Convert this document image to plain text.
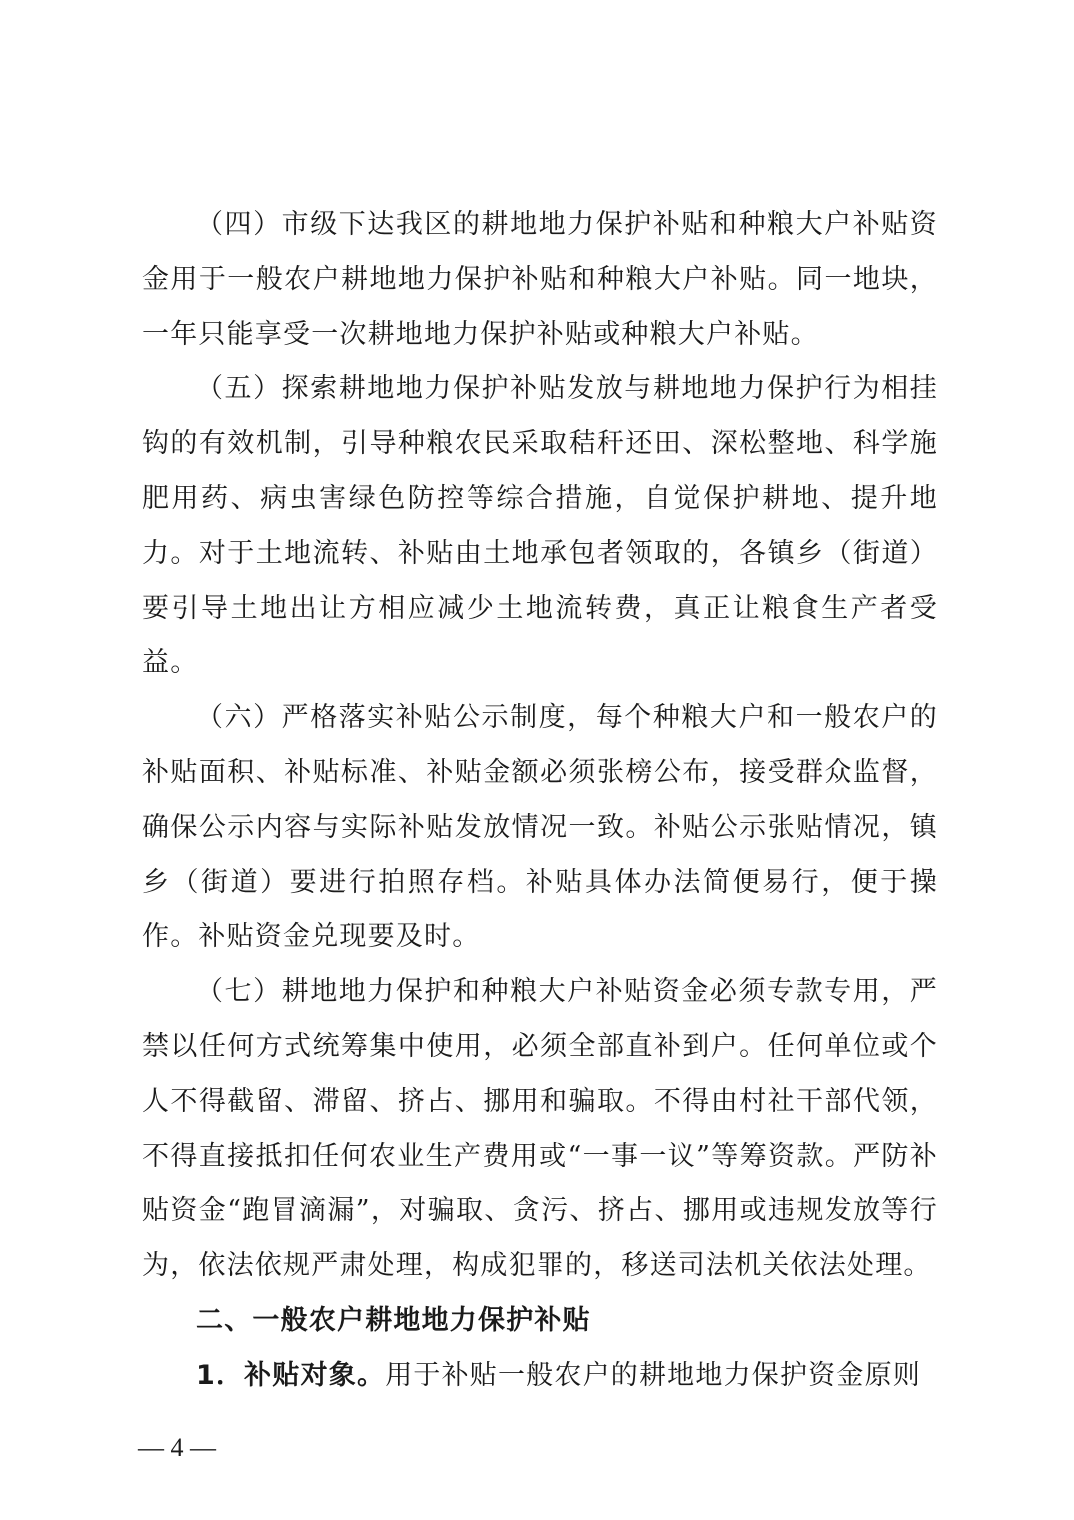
（四）市级下达我区的耕地地力保护补贴和种粮大户补贴资金用于一般农户耕地地力保护补贴和种粮大户补贴。同一地块，一年只能享受一次耕地地力保护补贴或种粮大户补贴。

（五）探索耕地地力保护补贴发放与耕地地力保护行为相挂钩的有效机制，引导种粮农民采取秸秆还田、深松整地、科学施肥用药、病虫害绿色防控等综合措施，自觉保护耕地、提升地力。对于土地流转、补贴由土地承包者领取的，各镇乡（街道）要引导土地出让方相应减少土地流转费，真正让粮食生产者受益。

（六）严格落实补贴公示制度，每个种粮大户和一般农户的补贴面积、补贴标准、补贴金额必须张榜公布，接受群众监督，确保公示内容与实际补贴发放情况一致。补贴公示张贴情况，镇乡（街道）要进行拍照存档。补贴具体办法简便易行，便于操作。补贴资金兑现要及时。

（七）耕地地力保护和种粮大户补贴资金必须专款专用，严禁以任何方式统筹集中使用，必须全部直补到户。任何单位或个人不得截留、滞留、挤占、挪用和骗取。不得由村社干部代领，不得直接抵扣任何农业生产费用或“一事一议”等筹资款。严防补贴资金“跑冒滴漏”，对骗取、贪污、挤占、挪用或违规发放等行为，依法依规严肃处理，构成犯罪的，移送司法机关依法处理。

二、一般农户耕地地力保护补贴

1．补贴对象。用于补贴一般农户的耕地地力保护资金原则

— 4 —
